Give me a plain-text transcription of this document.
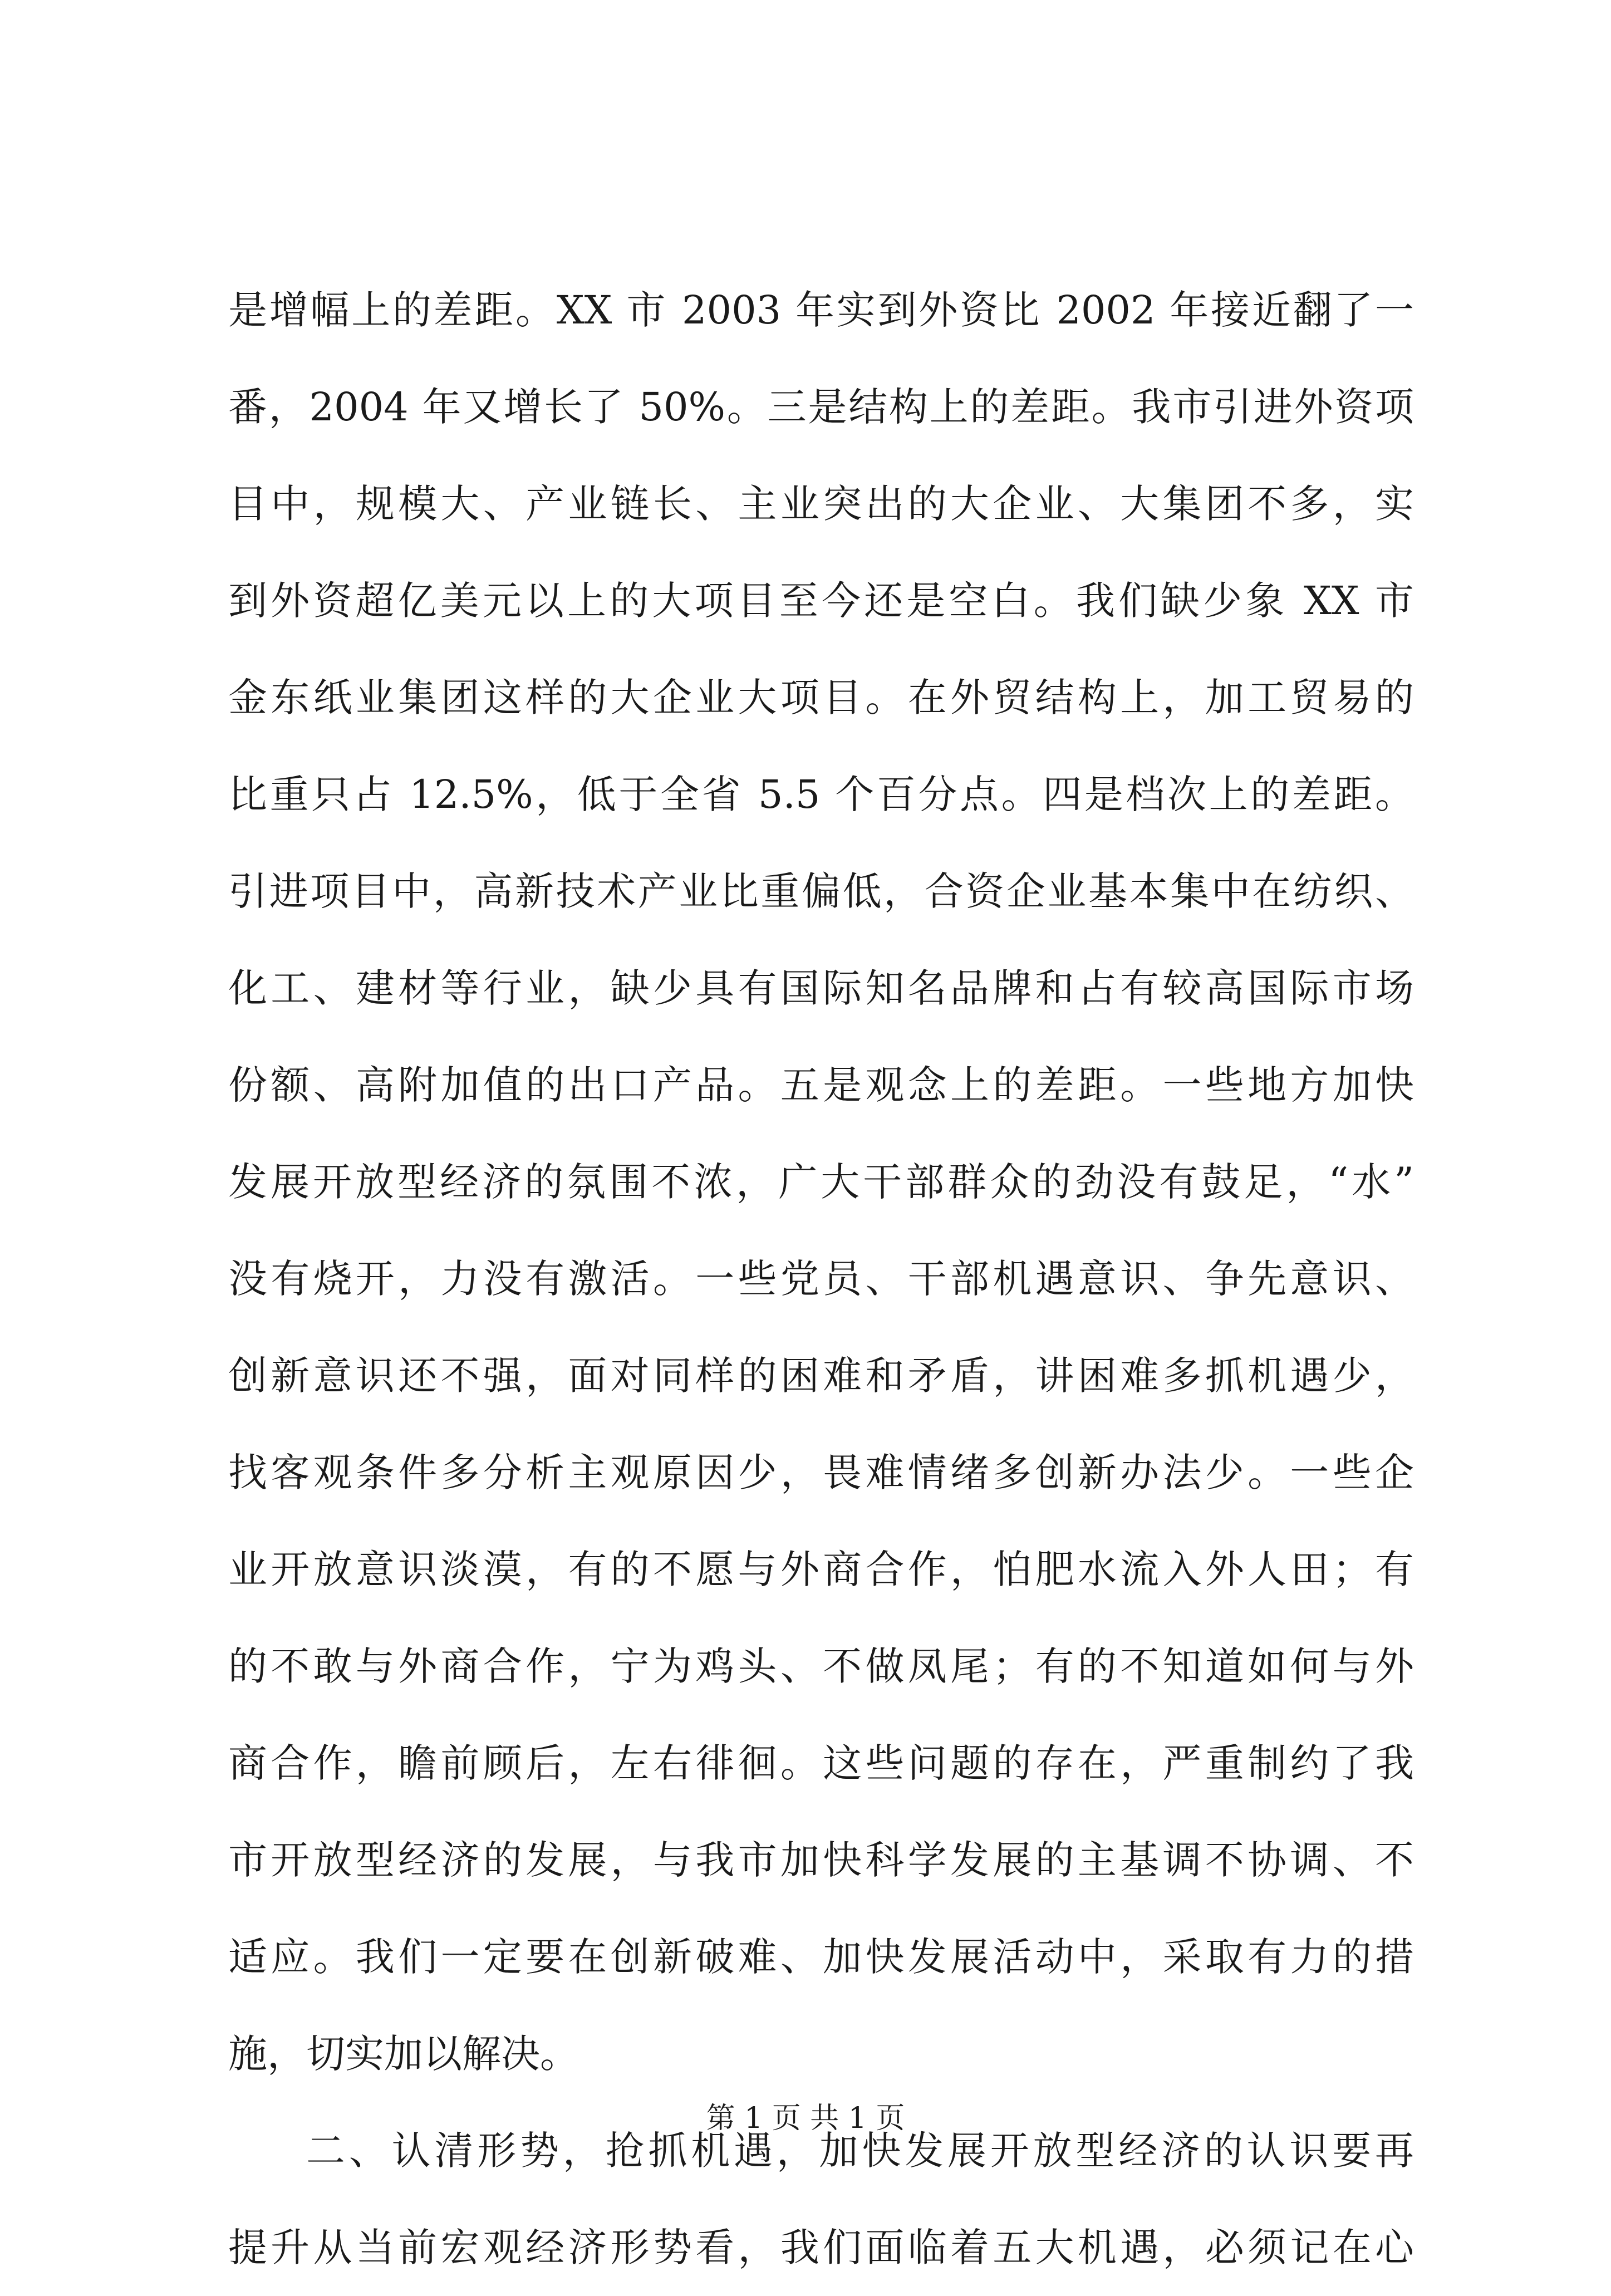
是增幅上的差距。XX 市 2003 年实到外资比 2002 年接近翻了一
番，2004 年又增长了 50%。三是结构上的差距。我市引进外资项
目中，规模大、产业链长、主业突出的大企业、大集团不多，实
到外资超亿美元以上的大项目至今还是空白。我们缺少象 XX 市
金东纸业集团这样的大企业大项目。在外贸结构上，加工贸易的
比重只占 12.5%，低于全省 5.5 个百分点。四是档次上的差距。
引进项目中，高新技术产业比重偏低，合资企业基本集中在纺织、
化工、建材等行业，缺少具有国际知名品牌和占有较高国际市场
份额、高附加值的出口产品。五是观念上的差距。一些地方加快
发展开放型经济的氛围不浓，广大干部群众的劲没有鼓足，“水”
没有烧开，力没有激活。一些党员、干部机遇意识、争先意识、
创新意识还不强，面对同样的困难和矛盾，讲困难多抓机遇少，
找客观条件多分析主观原因少，畏难情绪多创新办法少。一些企
业开放意识淡漠，有的不愿与外商合作，怕肥水流入外人田；有
的不敢与外商合作，宁为鸡头、不做凤尾；有的不知道如何与外
商合作，瞻前顾后，左右徘徊。这些问题的存在，严重制约了我
市开放型经济的发展，与我市加快科学发展的主基调不协调、不
适应。我们一定要在创新破难、加快发展活动中，采取有力的措
施，切实加以解决。
二、认清形势，抢抓机遇，加快发展开放型经济的认识要再
提升从当前宏观经济形势看，我们面临着五大机遇，必须记在心
第 1 页 共 1 页
